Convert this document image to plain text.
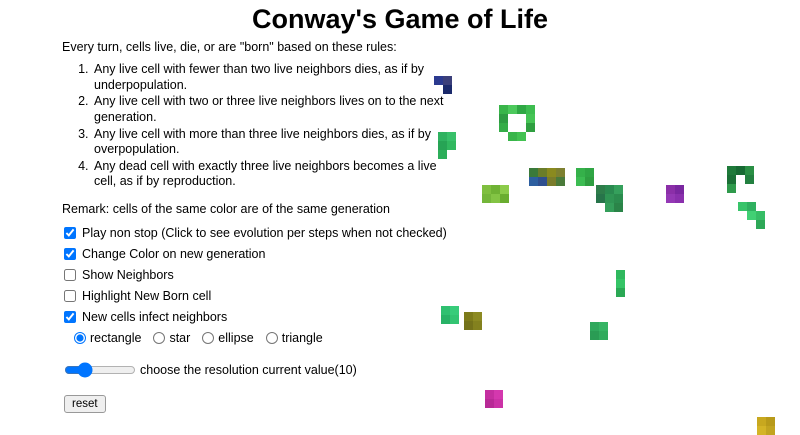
Conway's Game of Life
Every turn, cells live, die, or are "born" based on these rules:
1. Any live cell with fewer than two live neighbors dies, as if by underpopulation.
2. Any live cell with two or three live neighbors lives on to the next generation.
3. Any live cell with more than three live neighbors dies, as if by overpopulation.
4. Any dead cell with exactly three live neighbors becomes a live cell, as if by reproduction.
Remark: cells of the same color are of the same generation
Play non stop (Click to see evolution per steps when not checked)
Change Color on new generation
Show Neighbors
Highlight New Born cell
New cells infect neighbors
rectangle star ellipse triangle
choose the resolution current value(10)
reset
